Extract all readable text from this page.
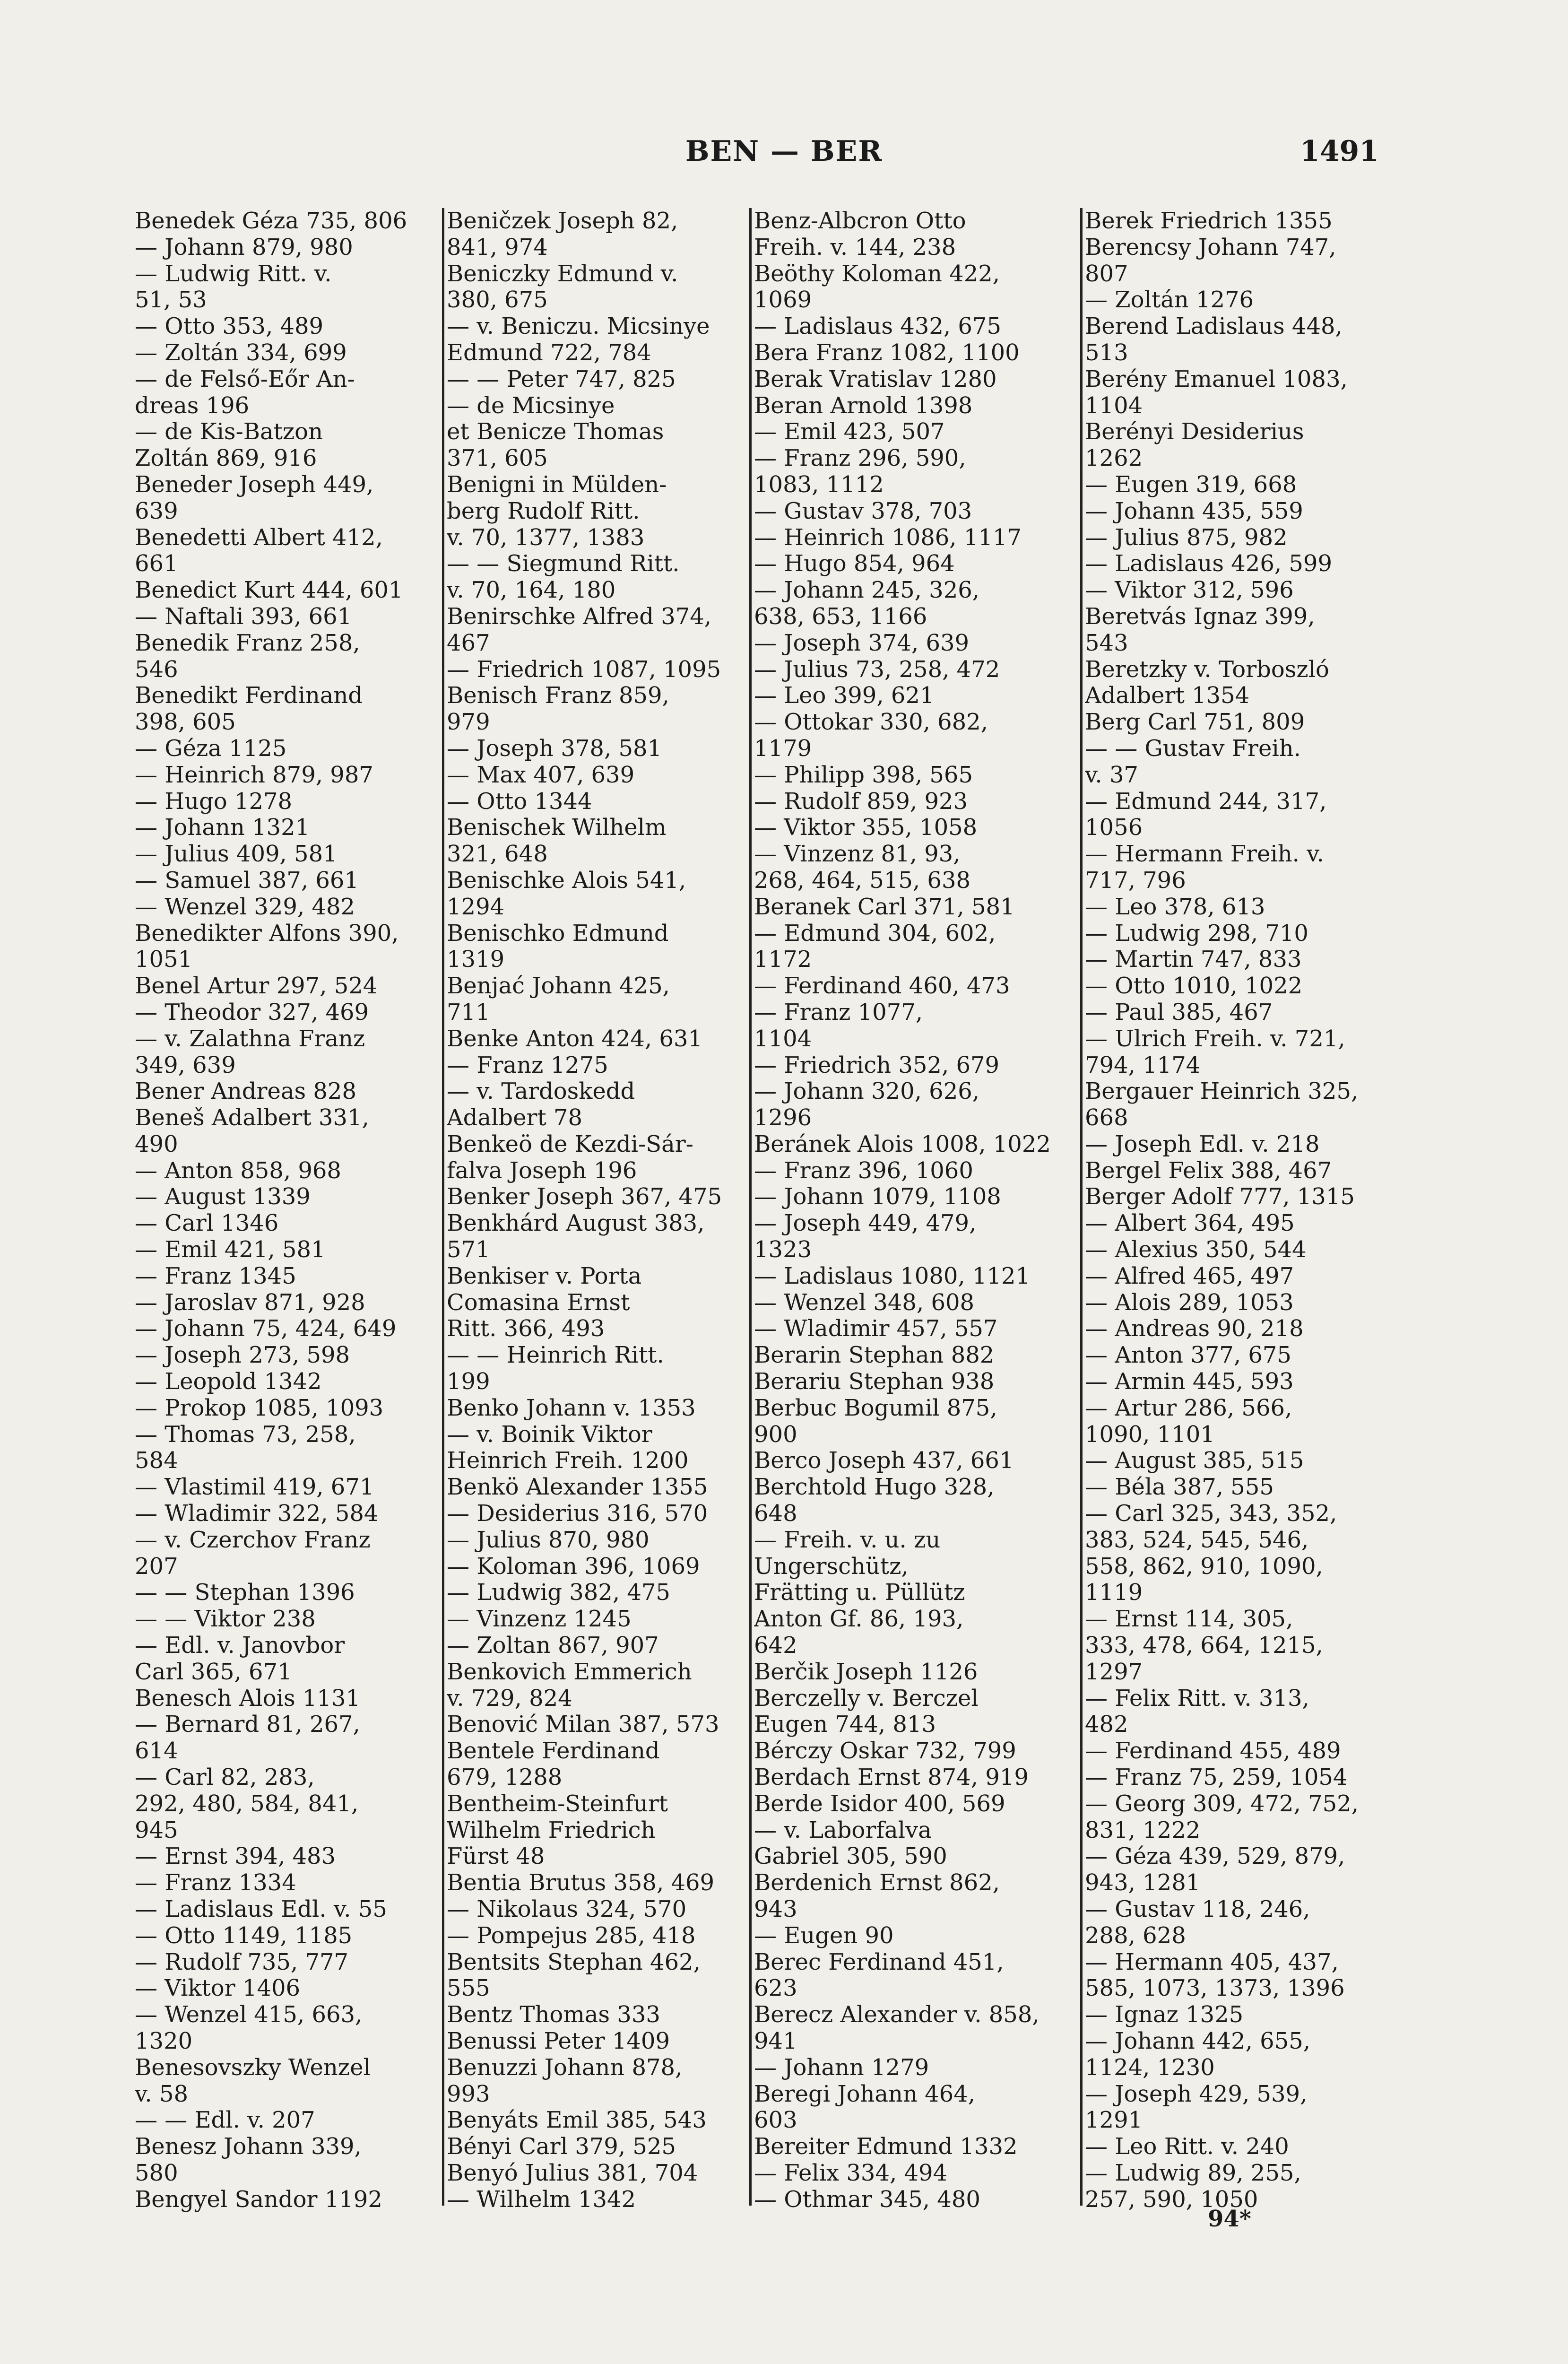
BEN — BER	1491
Benedek Géza 735, 806
— Johann 879, 980
— Ludwig Ritt. v.
51, 53
— Otto 353, 489
— Zoltán 334, 699
— de Felső-Eőr An-
dreas 196
— de Kis-Batzon
Zoltán 869, 916
Beneder Joseph 449,
639
Benedetti Albert 412,
661
Benedict Kurt 444, 601
— Naftali 393, 661
Benedik Franz 258,
546
Benedikt Ferdinand
398, 605
— Géza 1125
— Heinrich 879, 987
— Hugo 1278
— Johann 1321
— Julius 409, 581
— Samuel 387, 661
— Wenzel 329, 482
Benedikter Alfons 390,
1051
Benel Artur 297, 524
— Theodor 327, 469
— v. Zalathna Franz
349, 639
Bener Andreas 828
Beneš Adalbert 331,
490
— Anton 858, 968
— August 1339
— Carl 1346
— Emil 421, 581
— Franz 1345
— Jaroslav 871, 928
— Johann 75, 424, 649
— Joseph 273, 598
— Leopold 1342
— Prokop 1085, 1093
— Thomas 73, 258,
584
— Vlastimil 419, 671
— Wladimir 322, 584
— v. Czerchov Franz
207
— — Stephan 1396
— — Viktor 238
— Edl. v. Janovbor
Carl 365, 671
Benesch Alois 1131
— Bernard 81, 267,
614
— Carl 82, 283,
292, 480, 584, 841,
945
— Ernst 394, 483
— Franz 1334
— Ladislaus Edl. v. 55
— Otto 1149, 1185
— Rudolf 735, 777
— Viktor 1406
— Wenzel 415, 663,
1320
Benesovszky Wenzel
v. 58
— — Edl. v. 207
Benesz Johann 339,
580
Bengyel Sandor 1192
Beničzek Joseph 82,
841, 974
Beniczky Edmund v.
380, 675
— v. Beniczu. Micsinye
Edmund 722, 784
— — Peter 747, 825
— de Micsinye
et Benicze Thomas
371, 605
Benigni in Mülden-
berg Rudolf Ritt.
v. 70, 1377, 1383
— — Siegmund Ritt.
v. 70, 164, 180
Benirschke Alfred 374,
467
— Friedrich 1087, 1095
Benisch Franz 859,
979
— Joseph 378, 581
— Max 407, 639
— Otto 1344
Benischek Wilhelm
321, 648
Benischke Alois 541,
1294
Benischko Edmund
1319
Benjać Johann 425,
711
Benke Anton 424, 631
— Franz 1275
— v. Tardoskedd
Adalbert 78
Benkeö de Kezdi-Sár-
falva Joseph 196
Benker Joseph 367, 475
Benkhárd August 383,
571
Benkiser v. Porta
Comasina Ernst
Ritt. 366, 493
— — Heinrich Ritt.
199
Benko Johann v. 1353
— v. Boinik Viktor
Heinrich Freih. 1200
Benkö Alexander 1355
— Desiderius 316, 570
— Julius 870, 980
— Koloman 396, 1069
— Ludwig 382, 475
— Vinzenz 1245
— Zoltan 867, 907
Benkovich Emmerich
v. 729, 824
Benović Milan 387, 573
Bentele Ferdinand
679, 1288
Bentheim-Steinfurt
Wilhelm Friedrich
Fürst 48
Bentia Brutus 358, 469
— Nikolaus 324, 570
— Pompejus 285, 418
Bentsits Stephan 462,
555
Bentz Thomas 333
Benussi Peter 1409
Benuzzi Johann 878,
993
Benyáts Emil 385, 543
Bényi Carl 379, 525
Benyó Julius 381, 704
— Wilhelm 1342
Benz-Albcron Otto
Freih. v. 144, 238
Beöthy Koloman 422,
1069
— Ladislaus 432, 675
Bera Franz 1082, 1100
Berak Vratislav 1280
Beran Arnold 1398
— Emil 423, 507
— Franz 296, 590,
1083, 1112
— Gustav 378, 703
— Heinrich 1086, 1117
— Hugo 854, 964
— Johann 245, 326,
638, 653, 1166
— Joseph 374, 639
— Julius 73, 258, 472
— Leo 399, 621
— Ottokar 330, 682,
1179
— Philipp 398, 565
— Rudolf 859, 923
— Viktor 355, 1058
— Vinzenz 81, 93,
268, 464, 515, 638
Beranek Carl 371, 581
— Edmund 304, 602,
1172
— Ferdinand 460, 473
— Franz 1077,
1104
— Friedrich 352, 679
— Johann 320, 626,
1296
Beránek Alois 1008, 1022
— Franz 396, 1060
— Johann 1079, 1108
— Joseph 449, 479,
1323
— Ladislaus 1080, 1121
— Wenzel 348, 608
— Wladimir 457, 557
Berarin Stephan 882
Berariu Stephan 938
Berbuc Bogumil 875,
900
Berco Joseph 437, 661
Berchtold Hugo 328,
648
— Freih. v. u. zu
Ungerschütz,
Frätting u. Püllütz
Anton Gf. 86, 193,
642
Berčik Joseph 1126
Berczelly v. Berczel
Eugen 744, 813
Bérczy Oskar 732, 799
Berdach Ernst 874, 919
Berde Isidor 400, 569
— v. Laborfalva
Gabriel 305, 590
Berdenich Ernst 862,
943
— Eugen 90
Berec Ferdinand 451,
623
Berecz Alexander v. 858,
941
— Johann 1279
Beregi Johann 464,
603
Bereiter Edmund 1332
— Felix 334, 494
— Othmar 345, 480
Berek Friedrich 1355
Berencsy Johann 747,
807
— Zoltán 1276
Berend Ladislaus 448,
513
Berény Emanuel 1083,
1104
Berényi Desiderius
1262
— Eugen 319, 668
— Johann 435, 559
— Julius 875, 982
— Ladislaus 426, 599
— Viktor 312, 596
Beretvás Ignaz 399,
543
Beretzky v. Torboszló
Adalbert 1354
Berg Carl 751, 809
— — Gustav Freih.
v. 37
— Edmund 244, 317,
1056
— Hermann Freih. v.
717, 796
— Leo 378, 613
— Ludwig 298, 710
— Martin 747, 833
— Otto 1010, 1022
— Paul 385, 467
— Ulrich Freih. v. 721,
794, 1174
Bergauer Heinrich 325,
668
— Joseph Edl. v. 218
Bergel Felix 388, 467
Berger Adolf 777, 1315
— Albert 364, 495
— Alexius 350, 544
— Alfred 465, 497
— Alois 289, 1053
— Andreas 90, 218
— Anton 377, 675
— Armin 445, 593
— Artur 286, 566,
1090, 1101
— August 385, 515
— Béla 387, 555
— Carl 325, 343, 352,
383, 524, 545, 546,
558, 862, 910, 1090,
1119
— Ernst 114, 305,
333, 478, 664, 1215,
1297
— Felix Ritt. v. 313,
482
— Ferdinand 455, 489
— Franz 75, 259, 1054
— Georg 309, 472, 752,
831, 1222
— Géza 439, 529, 879,
943, 1281
— Gustav 118, 246,
288, 628
— Hermann 405, 437,
585, 1073, 1373, 1396
— Ignaz 1325
— Johann 442, 655,
1124, 1230
— Joseph 429, 539,
1291
— Leo Ritt. v. 240
— Ludwig 89, 255,
257, 590, 1050
94*
